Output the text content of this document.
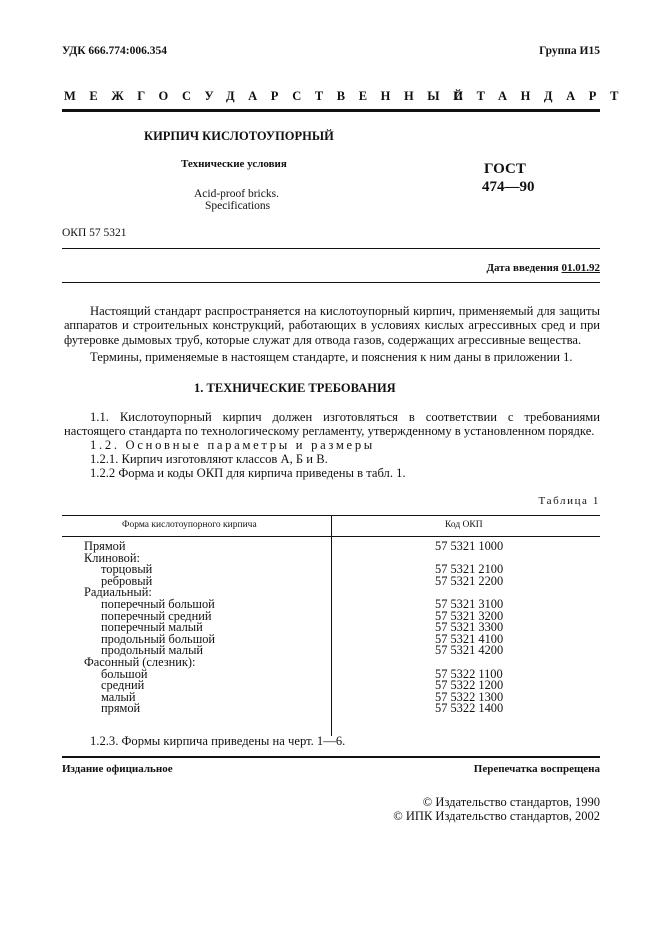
УДК 666.774:006.354	Группа И15
МЕЖГОСУДАРСТВЕННЫЙ
СТАНДАРТ
КИРПИЧ КИСЛОТОУПОРНЫЙ
Технические условия
Acid-proof bricks.
Specifications
ГОСТ
474—90
ОКП 57 5321
Дата введения 01.01.92
Настоящий стандарт распространяется на кислотоупорный кирпич, применяемый для защиты аппаратов и строительных конструкций, работающих в условиях кислых агрессивных сред и при футеровке дымовых труб, которые служат для отвода газов, содержащих агрессивные вещества.
Термины, применяемые в настоящем стандарте, и пояснения к ним даны в приложении 1.
1. ТЕХНИЧЕСКИЕ ТРЕБОВАНИЯ
1.1. Кислотоупорный кирпич должен изготовляться в соответствии с требованиями настоящего стандарта по технологическому регламенту, утвержденному в установленном порядке.
1.2. Основные параметры и размеры
1.2.1. Кирпич изготовляют классов А, Б и В.
1.2.2 Форма и коды ОКП для кирпича приведены в табл. 1.
Таблица 1
Форма кислотоупорного кирпича	Код ОКП
Прямой	57 5321 1000
Клиновой:
торцовый	57 5321 2100
ребровый	57 5321 2200
Радиальный:
поперечный большой	57 5321 3100
поперечный средний	57 5321 3200
поперечный малый	57 5321 3300
продольный большой	57 5321 4100
продольный малый	57 5321 4200
Фасонный (слезник):
большой	57 5322 1100
средний	57 5322 1200
малый	57 5322 1300
прямой	57 5322 1400
1.2.3. Формы кирпича приведены на черт. 1—6.
Издание официальное	Перепечатка воспрещена
© Издательство стандартов, 1990
© ИПК Издательство стандартов, 2002
